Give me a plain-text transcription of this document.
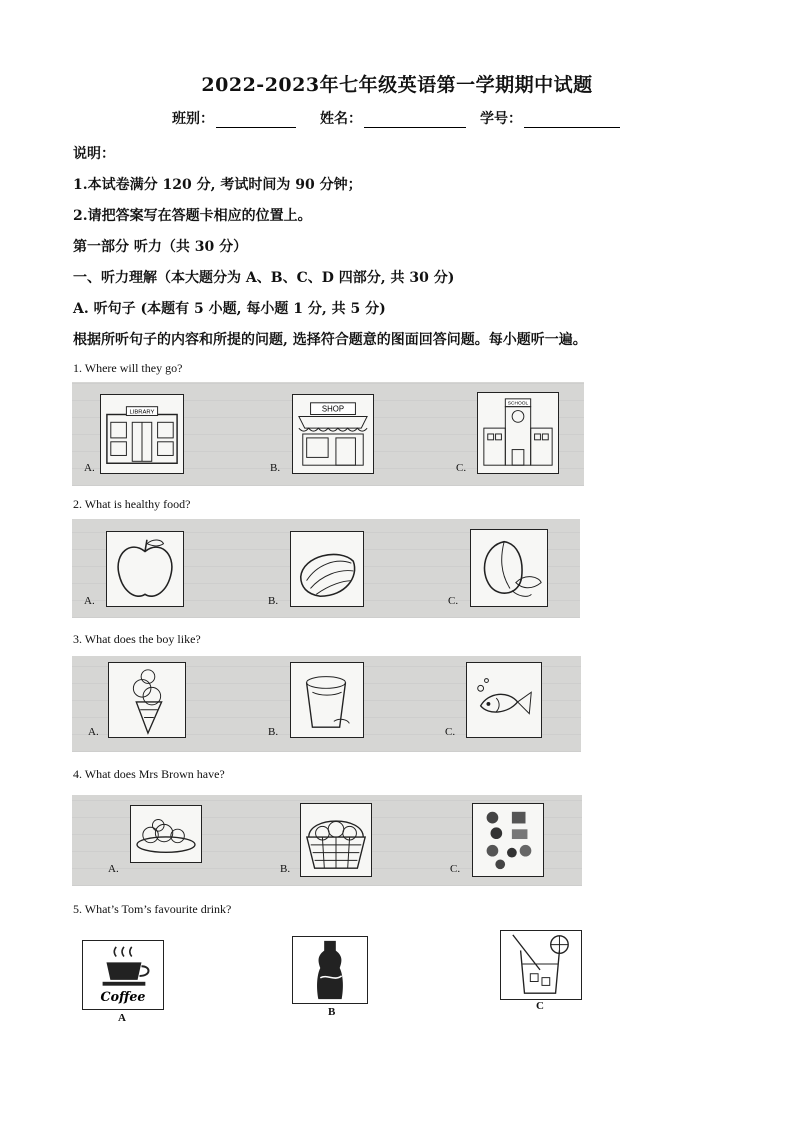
2022-2023年七年级英语第一学期期中试题
班别：	姓名：	学号：
说明：
1.本试卷满分 120 分, 考试时间为 90 分钟；
2.请把答案写在答题卡相应的位置上。
第一部分 听力（共 30 分）
一、听力理解（本大题分为 A、B、C、D 四部分, 共 30 分)
A. 听句子 (本题有 5 小题, 每小题 1 分, 共 5 分)
根据所听句子的内容和所提的问题, 选择符合题意的图面回答问题。每小题听一遍。
1. Where will they go?
A.
LIBRARY
B.
SHOP
C.
SCHOOL
2. What is healthy food?
A.	B.	C.
3. What does the boy like?
A.	B.	C.
4. What does Mrs Brown have?
A.	B.	C.
5. What’s Tom’s favourite drink?
Coffee
A	B	C
